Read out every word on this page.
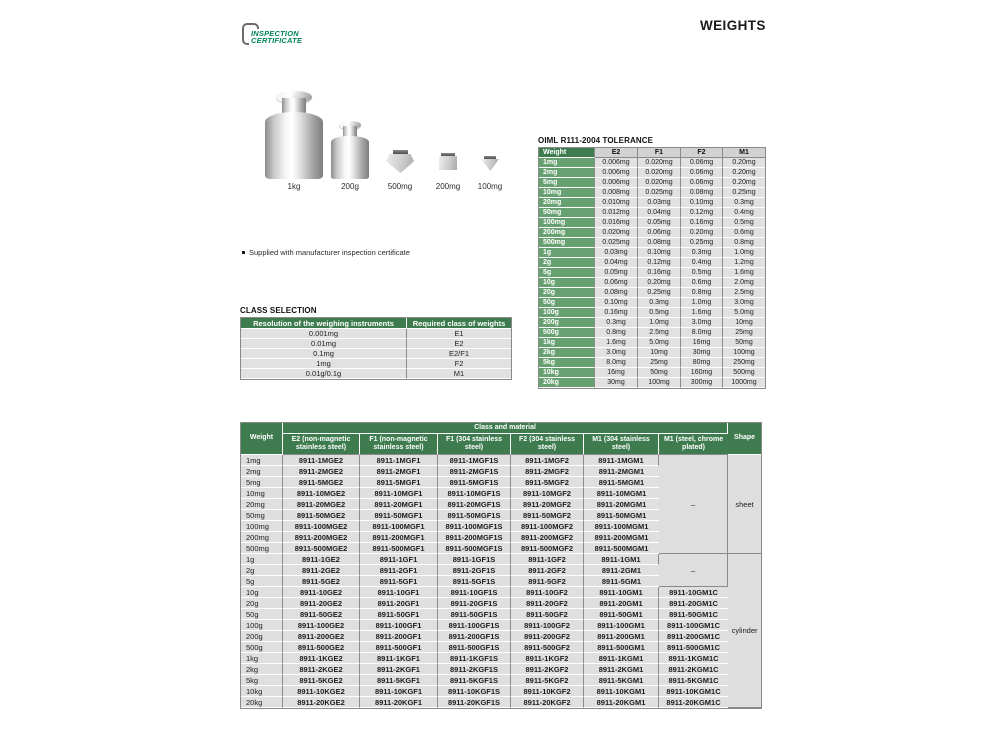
WEIGHTS
INSPECTION
CERTIFICATE
1kg	200g	500mg	200mg 100mg
Supplied with manufacturer inspection certificate
CLASS SELECTION
Resolution of the weighing instruments	Required class of weights
0.001mg	E1
0.01mg	E2
0.1mg	E2/F1
1mg	F2
0.01g/0.1g	M1
OIML R111-2004 TOLERANCE
Weight	E2	F1	F2	M1
1mg	0.006mg	0.020mg	0.06mg	0.20mg
2mg	0.006mg	0.020mg	0.06mg	0.20mg
5mg	0.006mg	0.020mg	0.06mg	0.20mg
10mg	0.008mg	0.025mg	0.08mg	0.25mg
20mg	0.010mg	0.03mg	0.10mg	0.3mg
50mg	0.012mg	0.04mg	0.12mg	0.4mg
100mg	0.016mg	0.05mg	0.16mg	0.5mg
200mg	0.020mg	0.06mg	0.20mg	0.6mg
500mg	0.025mg	0.08mg	0.25mg	0.8mg
1g	0.03mg	0.10mg	0.3mg	1.0mg
2g	0.04mg	0.12mg	0.4mg	1.2mg
5g	0.05mg	0.16mg	0.5mg	1.6mg
10g	0.06mg	0.20mg	0.6mg	2.0mg
20g	0.08mg	0.25mg	0.8mg	2.5mg
50g	0.10mg	0.3mg	1.0mg	3.0mg
100g	0.16mg	0.5mg	1.6mg	5.0mg
200g	0.3mg	1.0mg	3.0mg	10mg
500g	0.8mg	2.5mg	8.0mg	25mg
1kg	1.6mg	5.0mg	16mg	50mg
2kg	3.0mg	10mg	30mg	100mg
5kg	8.0mg	25mg	80mg	250mg
10kg	16mg	50mg	160mg	500mg
20kg	30mg	100mg	300mg	1000mg
Weight	Class and material						Shape
	E2 (non-magnetic stainless steel)	F1 (non-magnetic stainless steel)	F1 (304 stainless steel)	F2 (304 stainless steel)	M1 (304 stainless steel)	M1 (steel, chrome plated)	
1mg	8911-1MGE2	8911-1MGF1	8911-1MGF1S	8911-1MGF2	8911-1MGM1	–	sheet
2mg	8911-2MGE2	8911-2MGF1	8911-2MGF1S	8911-2MGF2	8911-2MGM1		
5mg	8911-5MGE2	8911-5MGF1	8911-5MGF1S	8911-5MGF2	8911-5MGM1		
10mg	8911-10MGE2	8911-10MGF1	8911-10MGF1S	8911-10MGF2	8911-10MGM1		
20mg	8911-20MGE2	8911-20MGF1	8911-20MGF1S	8911-20MGF2	8911-20MGM1		
50mg	8911-50MGE2	8911-50MGF1	8911-50MGF1S	8911-50MGF2	8911-50MGM1		
100mg	8911-100MGE2	8911-100MGF1	8911-100MGF1S	8911-100MGF2	8911-100MGM1		
200mg	8911-200MGE2	8911-200MGF1	8911-200MGF1S	8911-200MGF2	8911-200MGM1		
500mg	8911-500MGE2	8911-500MGF1	8911-500MGF1S	8911-500MGF2	8911-500MGM1		
1g	8911-1GE2	8911-1GF1	8911-1GF1S	8911-1GF2	8911-1GM1	–	cylinder
2g	8911-2GE2	8911-2GF1	8911-2GF1S	8911-2GF2	8911-2GM1		
5g	8911-5GE2	8911-5GF1	8911-5GF1S	8911-5GF2	8911-5GM1		
10g	8911-10GE2	8911-10GF1	8911-10GF1S	8911-10GF2	8911-10GM1	8911-10GM1C	
20g	8911-20GE2	8911-20GF1	8911-20GF1S	8911-20GF2	8911-20GM1	8911-20GM1C	
50g	8911-50GE2	8911-50GF1	8911-50GF1S	8911-50GF2	8911-50GM1	8911-50GM1C	
100g	8911-100GE2	8911-100GF1	8911-100GF1S	8911-100GF2	8911-100GM1	8911-100GM1C	
200g	8911-200GE2	8911-200GF1	8911-200GF1S	8911-200GF2	8911-200GM1	8911-200GM1C	
500g	8911-500GE2	8911-500GF1	8911-500GF1S	8911-500GF2	8911-500GM1	8911-500GM1C	
1kg	8911-1KGE2	8911-1KGF1	8911-1KGF1S	8911-1KGF2	8911-1KGM1	8911-1KGM1C	
2kg	8911-2KGE2	8911-2KGF1	8911-2KGF1S	8911-2KGF2	8911-2KGM1	8911-2KGM1C	
5kg	8911-5KGE2	8911-5KGF1	8911-5KGF1S	8911-5KGF2	8911-5KGM1	8911-5KGM1C	
10kg	8911-10KGE2	8911-10KGF1	8911-10KGF1S	8911-10KGF2	8911-10KGM1	8911-10KGM1C	
20kg	8911-20KGE2	8911-20KGF1	8911-20KGF1S	8911-20KGF2	8911-20KGM1	8911-20KGM1C	
